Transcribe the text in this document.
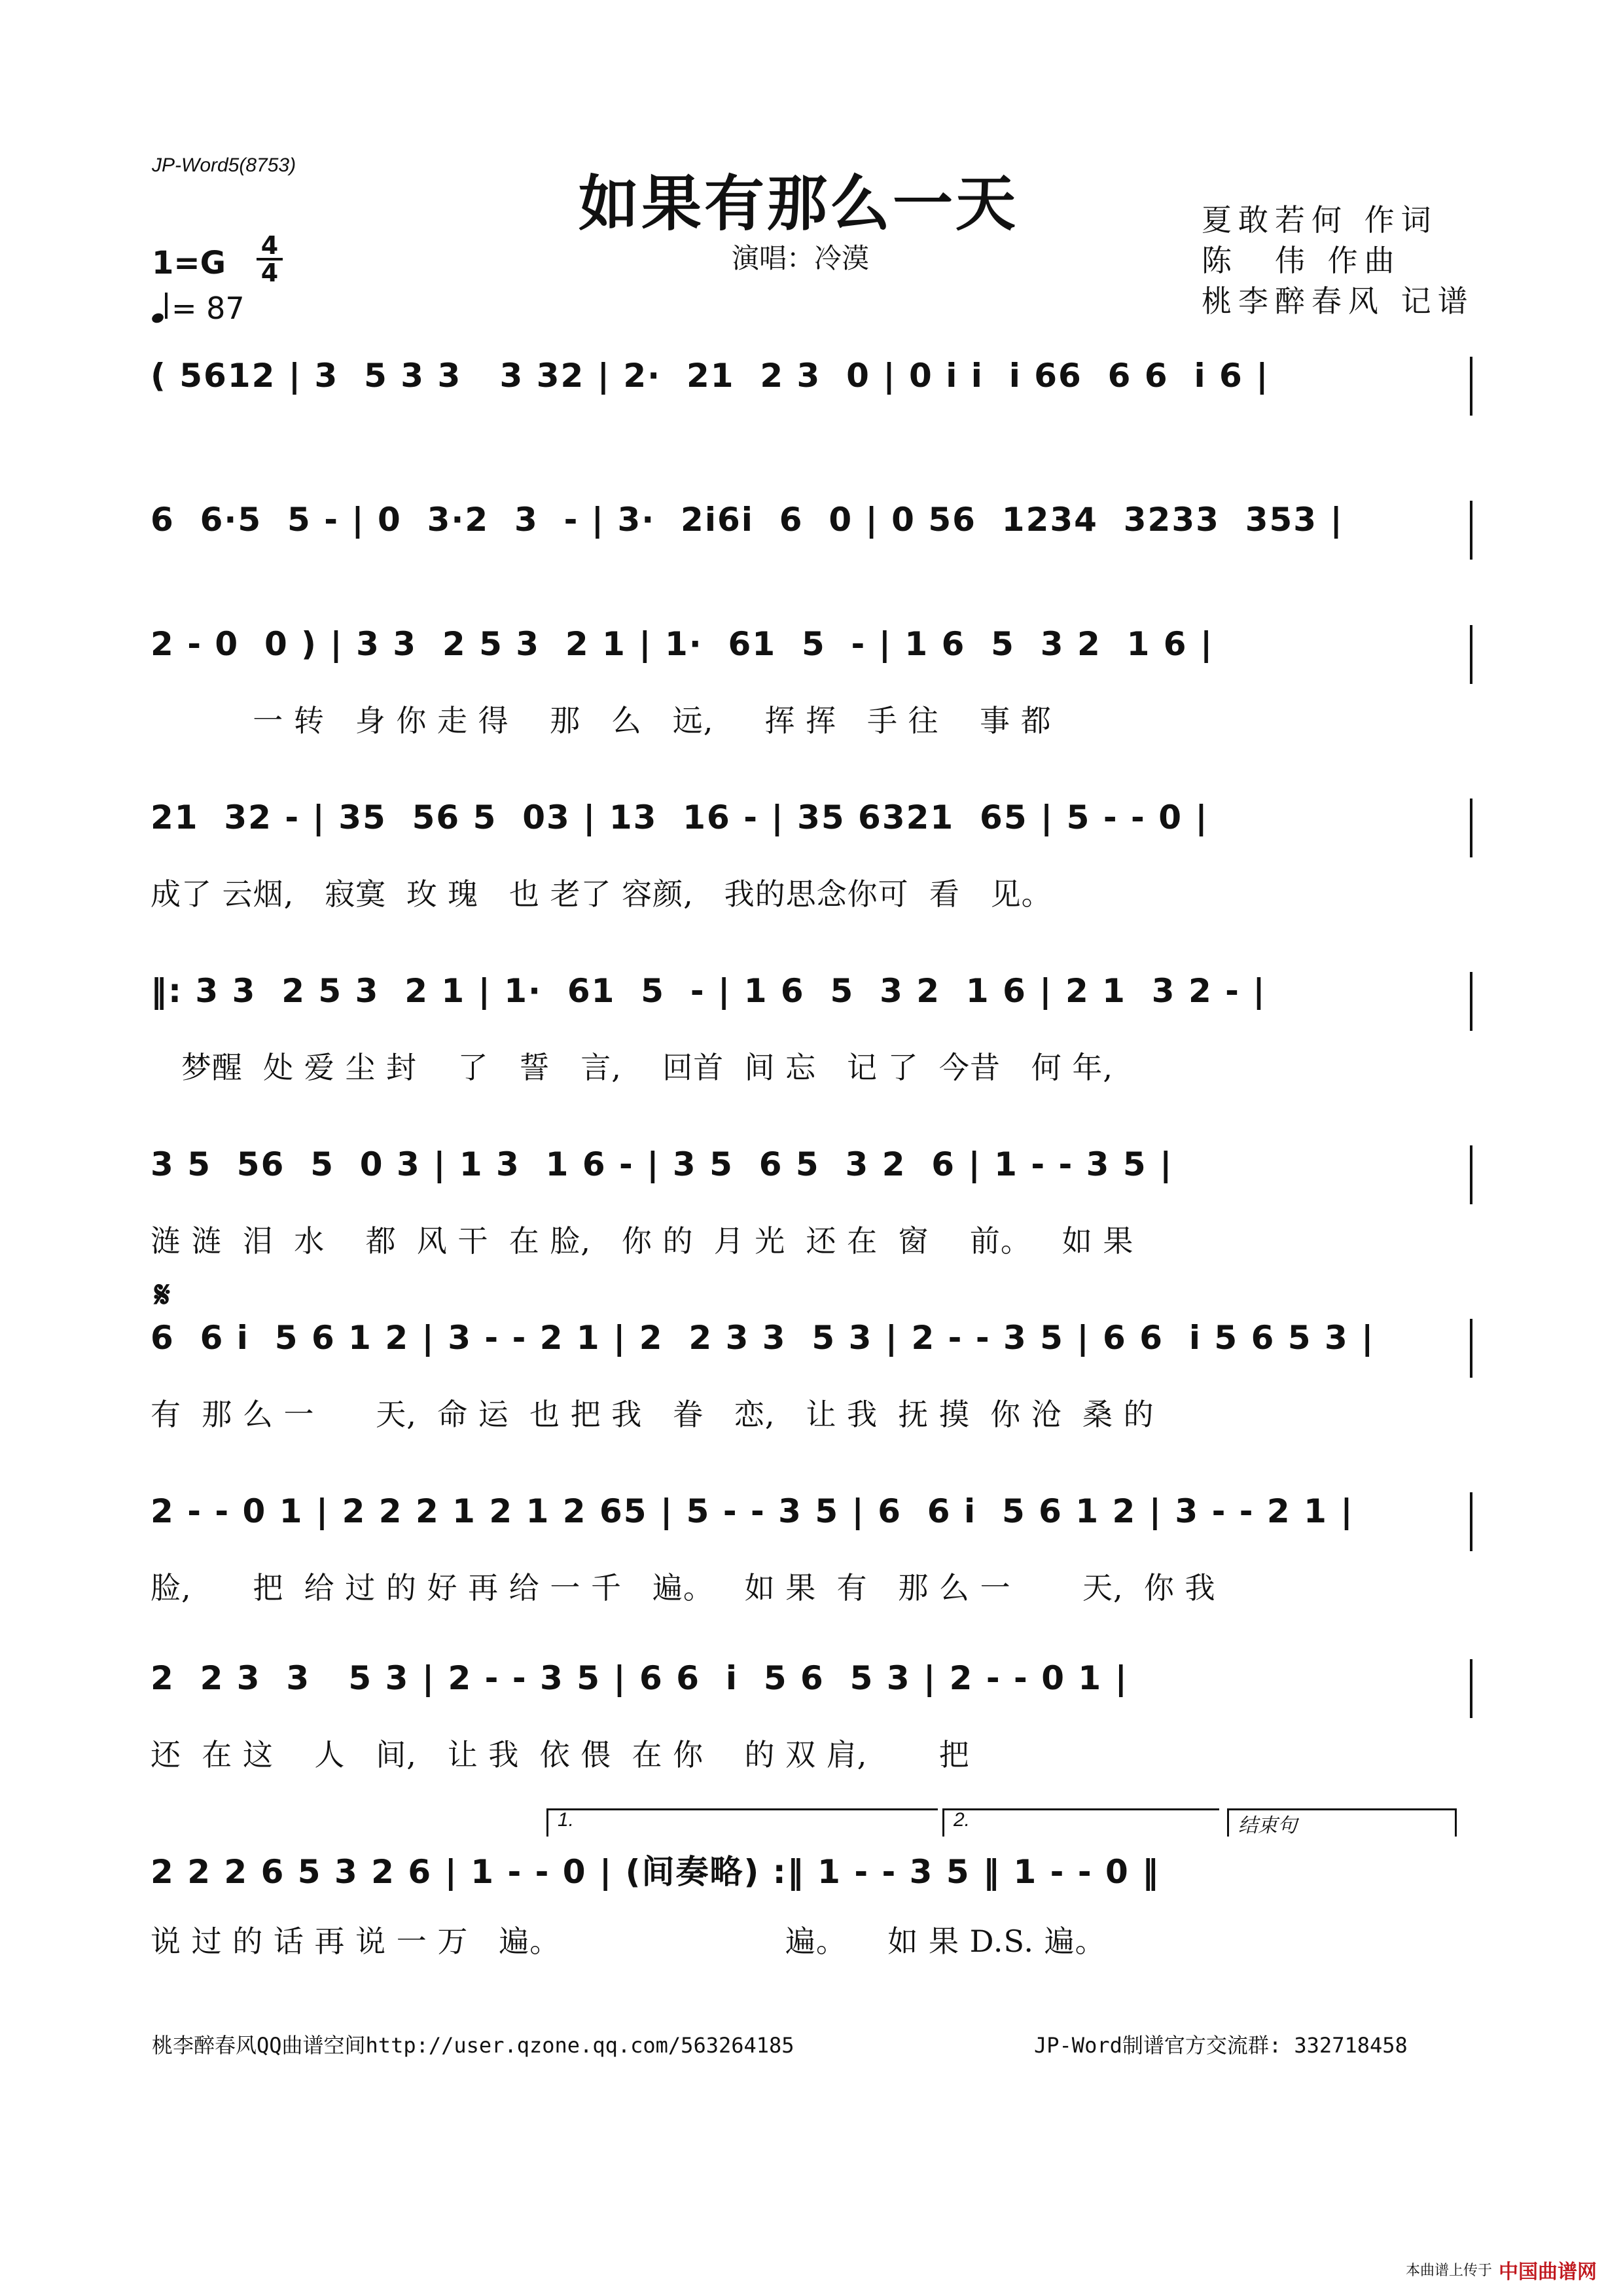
JP-Word5(8753)
如果有那么一天
演唱：冷漠
夏敢若何 作词
陈　伟 作曲
桃李醉春风 记谱
1=G 4
4
= 87
( 5612 | 3  5 3 3   3 32 | 2·  21  2 3  0 | 0 i i  i 66  6 6  i 6 |
6  6·5  5 - | 0  3·2  3  - | 3·  2i6i  6  0 | 0 56  1234  3233  353 |
2 - 0  0 ) | 3 3  2 5 3  2 1 | 1·  61  5  - | 1 6  5  3 2  1 6 |
一 转   身 你 走 得    那   么   远,     挥 挥   手 往    事 都
21  32 - | 35  56 5  03 | 13  16 - | 35 6321  65 | 5 - - 0 |
成了 云烟,   寂寞  玫 瑰   也 老了 容颜,   我的思念你可  看   见。
‖: 3 3  2 5 3  2 1 | 1·  61  5  - | 1 6  5  3 2  1 6 | 2 1  3 2 - |
梦醒  处 爱 尘 封    了   誓   言,    回首  间 忘   记 了  今昔   何 年,
3 5  56  5  0 3 | 1 3  1 6 - | 3 5  6 5  3 2  6 | 1 - - 3 5 |
涟 涟  泪  水    都  风 干  在 脸,   你 的  月 光  还 在  窗    前。   如 果
𝄋
6  6 i  5 6 1 2 | 3 - - 2 1 | 2  2 3 3  5 3 | 2 - - 3 5 | 6 6  i 5 6 5 3 |
有  那 么 一      天,  命 运  也 把 我   眷   恋,   让 我  抚 摸  你 沧  桑 的
2 - - 0 1 | 2 2 2 1 2 1 2 65 | 5 - - 3 5 | 6  6 i  5 6 1 2 | 3 - - 2 1 |
脸,      把  给 过 的 好 再 给 一 千   遍。   如 果  有   那 么 一       天,  你 我
2  2 3  3   5 3 | 2 - - 3 5 | 6 6  i  5 6  5 3 | 2 - - 0 1 |
还  在 这    人   间,   让 我  依 偎  在 你    的 双 肩,       把
1.	2.	结束句
2 2 2 6 5 3 2 6 | 1 - - 0 | (间奏略) :‖ 1 - - 3 5 ‖ 1 - - 0 ‖
说 过 的 话 再 说 一 万   遍。                      遍。    如 果 D.S. 遍。
桃李醉春风QQ曲谱空间http://user.qzone.qq.com/563264185	JP-Word制谱官方交流群: 332718458
本曲谱上传于 中国曲谱网
